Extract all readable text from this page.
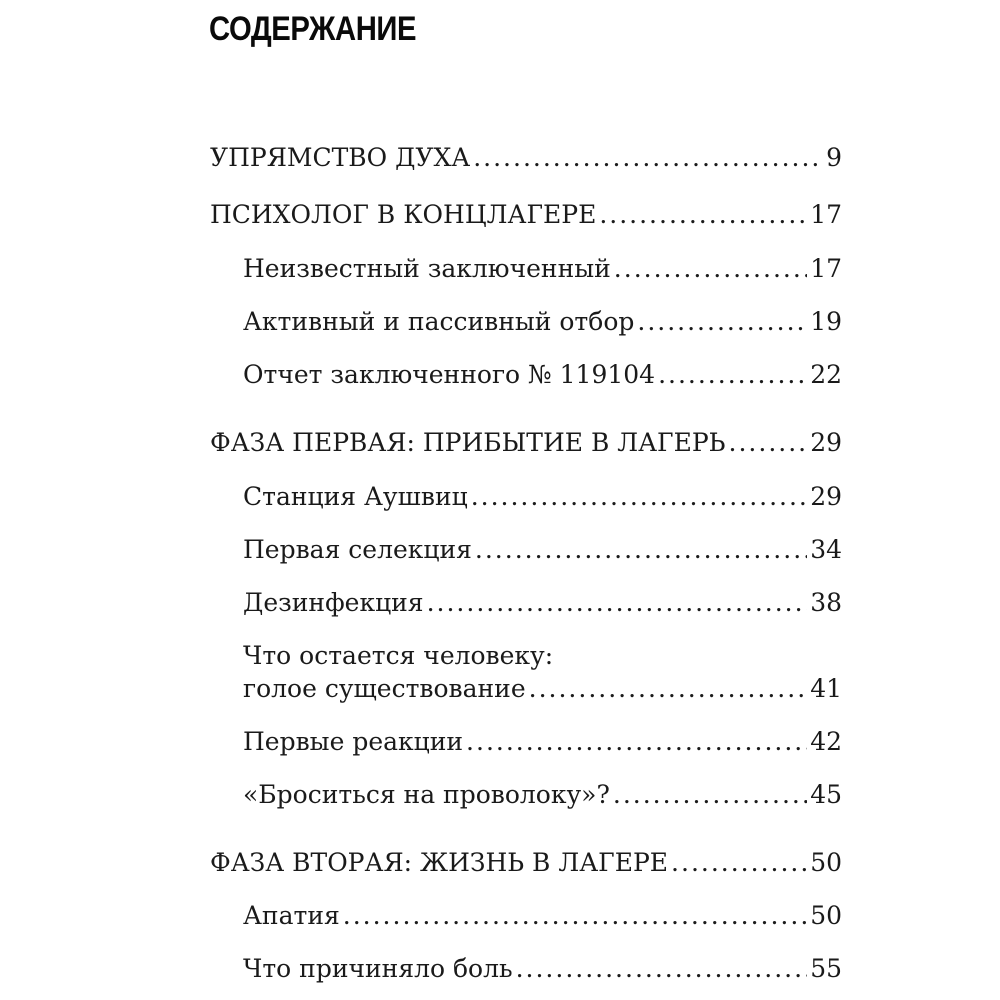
СОДЕРЖАНИЕ
УПРЯМСТВО ДУХА .....	9
ПСИХОЛОГ В КОНЦЛАГЕРЕ .....	17
Неизвестный заключенный .....	17
Активный и пассивный отбор .....	19
Отчет заключенного № 119104 .....	22
ФАЗА ПЕРВАЯ: ПРИБЫТИЕ В ЛАГЕРЬ .....	29
Станция Аушвиц .....	29
Первая селекция .....	34
Дезинфекция .....	38
Что остается человеку:
голое существование .....	41
Первые реакции .....	42
«Броситься на проволоку»? .....	45
ФАЗА ВТОРАЯ: ЖИЗНЬ В ЛАГЕРЕ .....	50
Апатия .....	50
Что причиняло боль .....	55
